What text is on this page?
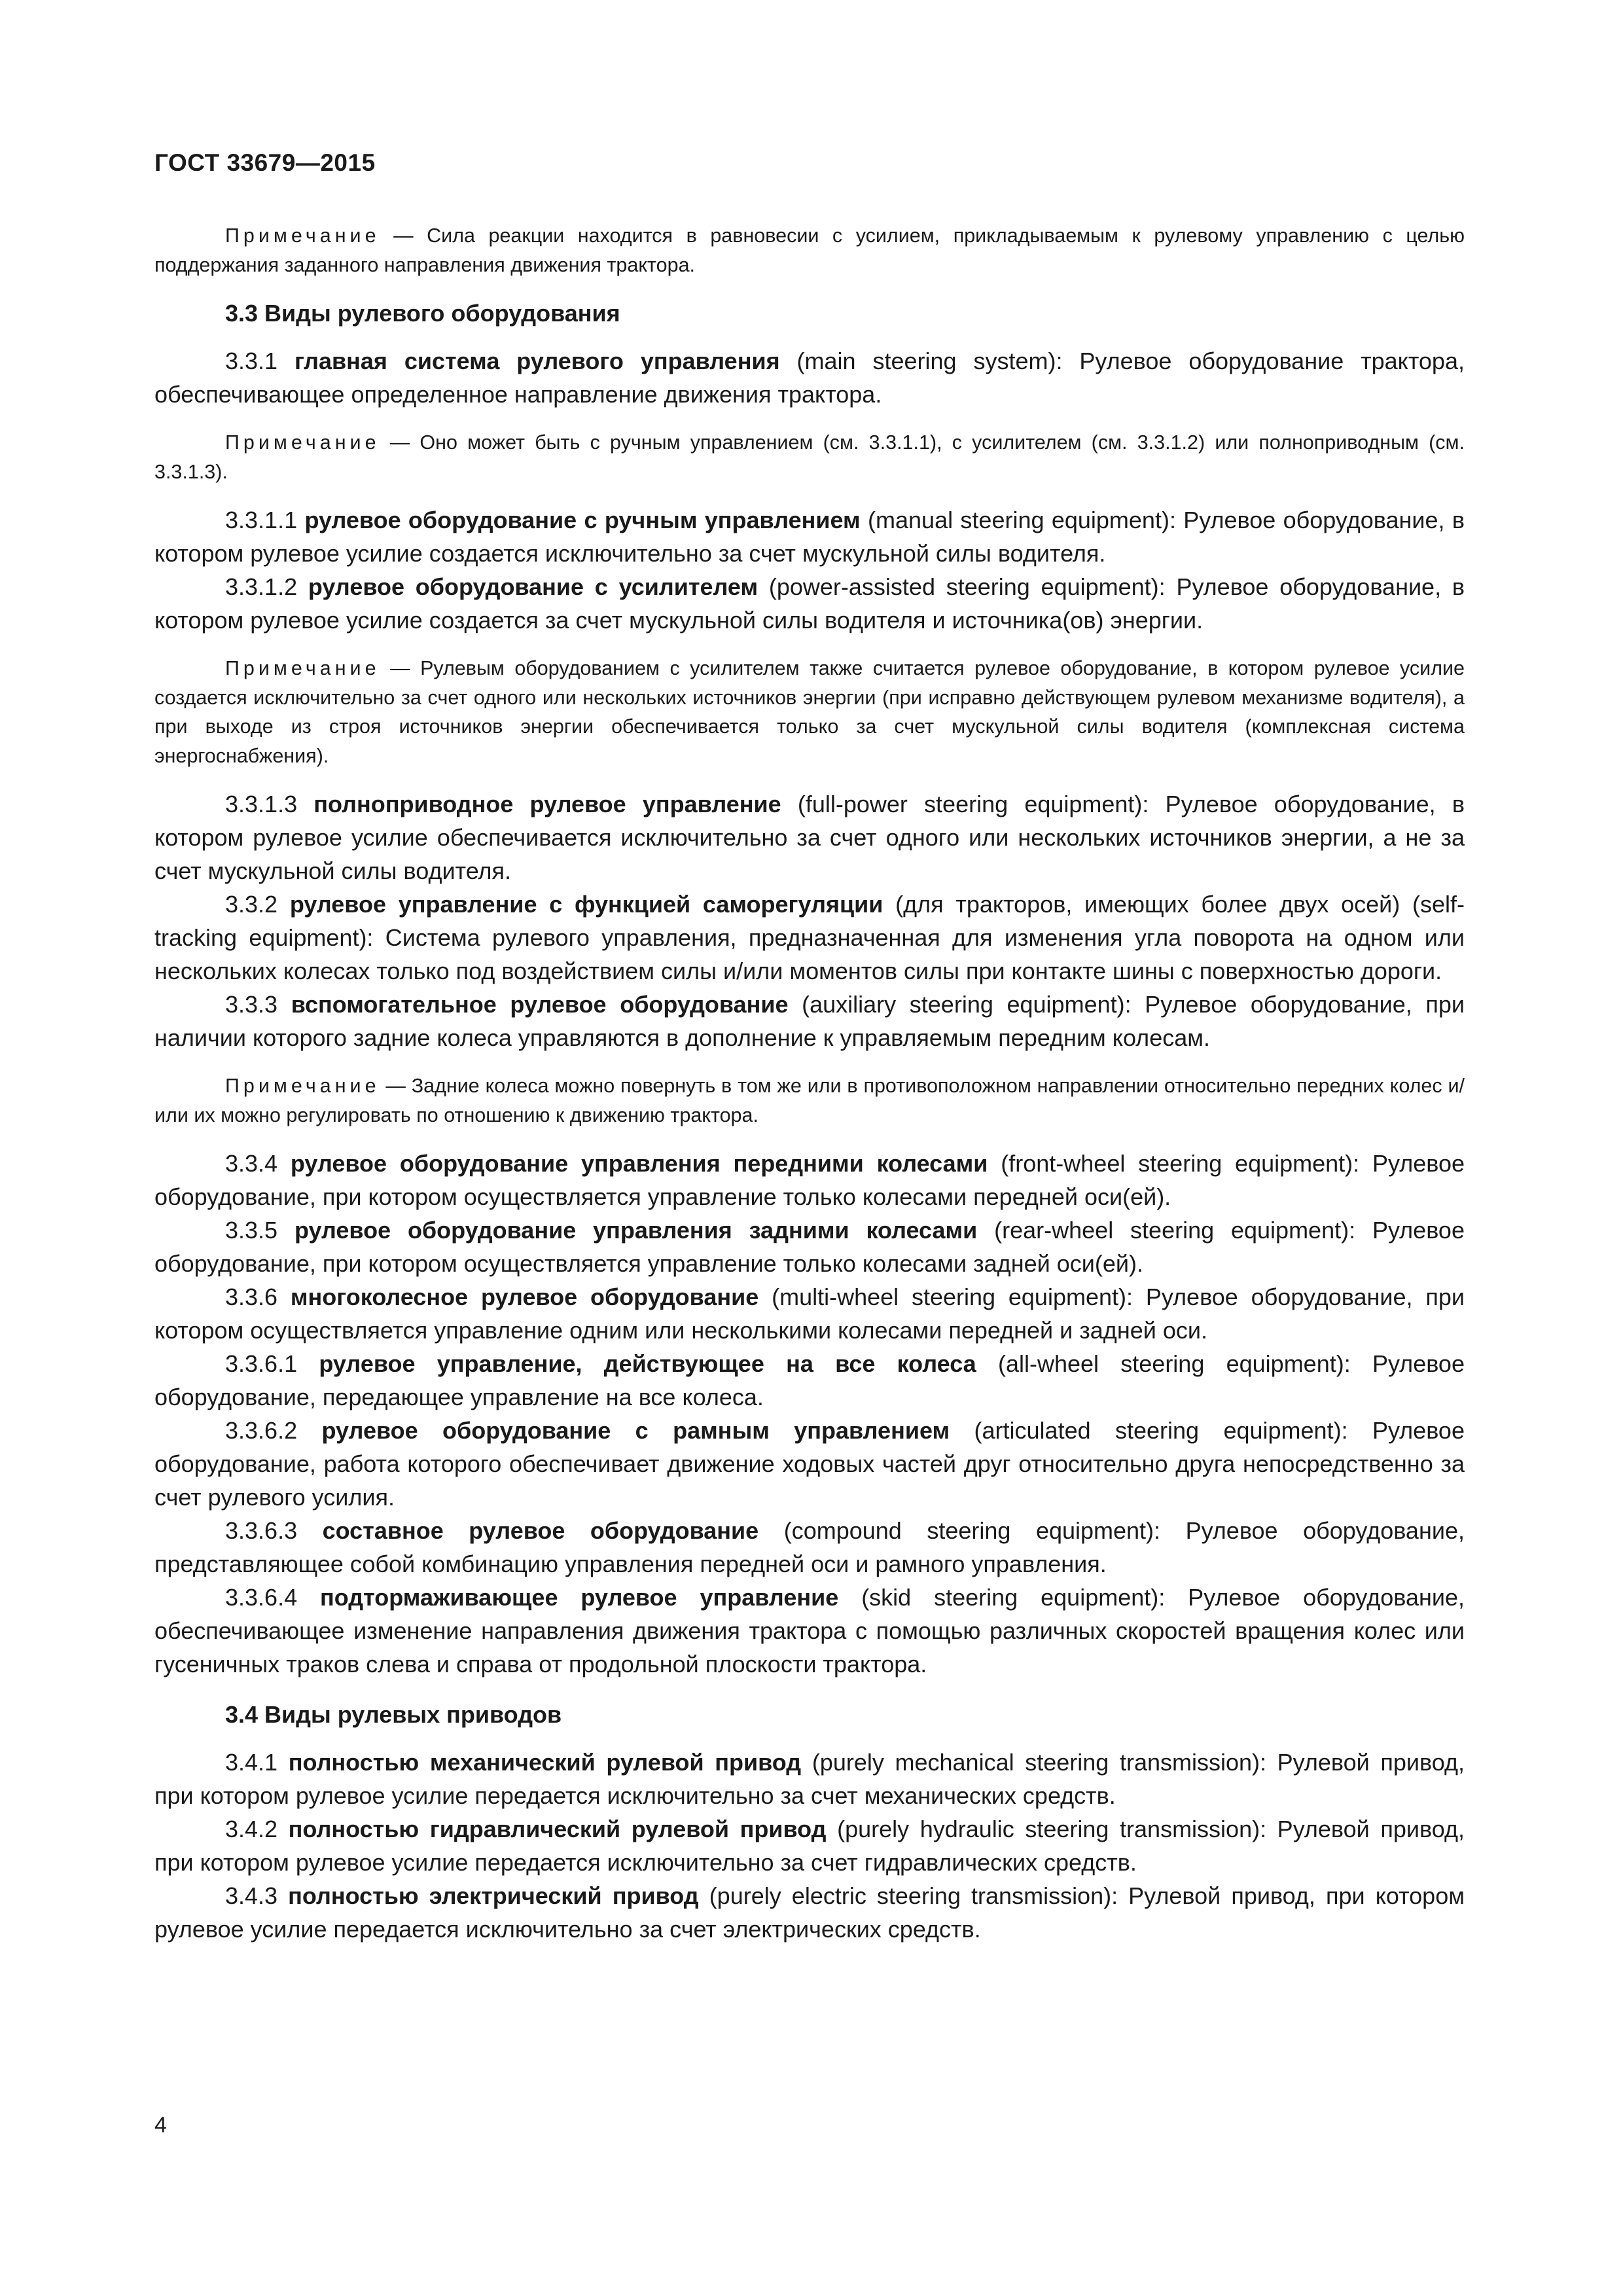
ГОСТ 33679—2015

Примечание — Сила реакции находится в равновесии с усилием, прикладываемым к рулевому управлению с целью поддержания заданного направления движения трактора.

3.3 Виды рулевого оборудования

3.3.1 главная система рулевого управления (main steering system): Рулевое оборудование трактора, обеспечивающее определенное направление движения трактора.

Примечание — Оно может быть с ручным управлением (см. 3.3.1.1), с усилителем (см. 3.3.1.2) или полноприводным (см. 3.3.1.3).

3.3.1.1 рулевое оборудование с ручным управлением (manual steering equipment): Рулевое оборудование, в котором рулевое усилие создается исключительно за счет мускульной силы водителя.

3.3.1.2 рулевое оборудование с усилителем (power-assisted steering equipment): Рулевое оборудование, в котором рулевое усилие создается за счет мускульной силы водителя и источника(ов) энергии.

Примечание — Рулевым оборудованием с усилителем также считается рулевое оборудование, в котором рулевое усилие создается исключительно за счет одного или нескольких источников энергии (при исправно действующем рулевом механизме водителя), а при выходе из строя источников энергии обеспечивается только за счет мускульной силы водителя (комплексная система энергоснабжения).

3.3.1.3 полноприводное рулевое управление (full-power steering equipment): Рулевое оборудование, в котором рулевое усилие обеспечивается исключительно за счет одного или нескольких источников энергии, а не за счет мускульной силы водителя.

3.3.2 рулевое управление с функцией саморегуляции (для тракторов, имеющих более двух осей) (self-tracking equipment): Система рулевого управления, предназначенная для изменения угла поворота на одном или нескольких колесах только под воздействием силы и/или моментов силы при контакте шины с поверхностью дороги.

3.3.3 вспомогательное рулевое оборудование (auxiliary steering equipment): Рулевое оборудование, при наличии которого задние колеса управляются в дополнение к управляемым передним колесам.

Примечание — Задние колеса можно повернуть в том же или в противоположном направлении относительно передних колес и/или их можно регулировать по отношению к движению трактора.

3.3.4 рулевое оборудование управления передними колесами (front-wheel steering equipment): Рулевое оборудование, при котором осуществляется управление только колесами передней оси(ей).

3.3.5 рулевое оборудование управления задними колесами (rear-wheel steering equipment): Рулевое оборудование, при котором осуществляется управление только колесами задней оси(ей).

3.3.6 многоколесное рулевое оборудование (multi-wheel steering equipment): Рулевое оборудование, при котором осуществляется управление одним или несколькими колесами передней и задней оси.

3.3.6.1 рулевое управление, действующее на все колеса (all-wheel steering equipment): Рулевое оборудование, передающее управление на все колеса.

3.3.6.2 рулевое оборудование с рамным управлением (articulated steering equipment): Рулевое оборудование, работа которого обеспечивает движение ходовых частей друг относительно друга непосредственно за счет рулевого усилия.

3.3.6.3 составное рулевое оборудование (compound steering equipment): Рулевое оборудование, представляющее собой комбинацию управления передней оси и рамного управления.

3.3.6.4 подтормаживающее рулевое управление (skid steering equipment): Рулевое оборудование, обеспечивающее изменение направления движения трактора с помощью различных скоростей вращения колес или гусеничных траков слева и справа от продольной плоскости трактора.

3.4 Виды рулевых приводов

3.4.1 полностью механический рулевой привод (purely mechanical steering transmission): Рулевой привод, при котором рулевое усилие передается исключительно за счет механических средств.

3.4.2 полностью гидравлический рулевой привод (purely hydraulic steering transmission): Рулевой привод, при котором рулевое усилие передается исключительно за счет гидравлических средств.

3.4.3 полностью электрический привод (purely electric steering transmission): Рулевой привод, при котором рулевое усилие передается исключительно за счет электрических средств.

4
